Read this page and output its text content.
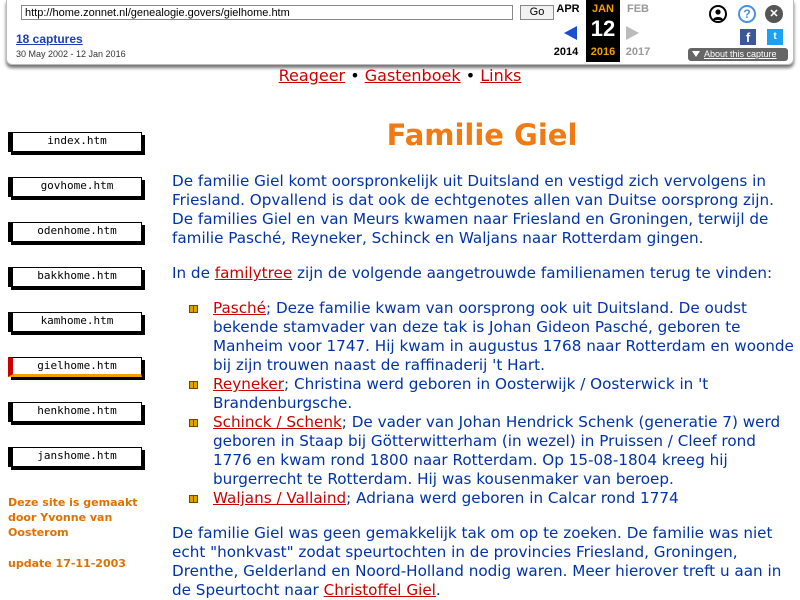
http://home.zonnet.nl/genealogie.govers/gielhome.htm
Go
18 captures
30 May 2002 - 12 Jan 2016
APR	JAN
12
FEB
2014	2016 2017
?	✕
f	t
About this capture
Reageer • Gastenboek • Links
index.htm
govhome.htm
odenhome.htm
bakkhome.htm
kamhome.htm
gielhome.htm
henkhome.htm
janshome.htm
Deze site is gemaakt door Yvonne van Oosterom
update 17-11-2003
Familie Giel

De familie Giel komt oorspronkelijk uit Duitsland en vestigd zich vervolgens in Friesland. Opvallend is dat ook de echtgenotes allen van Duitse oorsprong zijn. De families Giel en van Meurs kwamen naar Friesland en Groningen, terwijl de familie Pasché, Reyneker, Schinck en Waljans naar Rotterdam gingen.

In de familytree zijn de volgende aangetrouwde familienamen terug te vinden:

Pasché; Deze familie kwam van oorsprong ook uit Duitsland. De oudst bekende stamvader van deze tak is Johan Gideon Pasché, geboren te Manheim voor 1747. Hij kwam in augustus 1768 naar Rotterdam en woonde bij zijn trouwen naast de raffinaderij 't Hart.
Reyneker; Christina werd geboren in Oosterwijk / Oosterwick in 't Brandenburgsche.
Schinck / Schenk; De vader van Johan Hendrick Schenk (generatie 7) werd geboren in Staap bij Götterwitterham (in wezel) in Pruissen / Cleef rond 1776 en kwam rond 1800 naar Rotterdam. Op 15-08-1804 kreeg hij burgerrecht te Rotterdam. Hij was kousenmaker van beroep.
Waljans / Vallaind; Adriana werd geboren in Calcar rond 1774

De familie Giel was geen gemakkelijk tak om op te zoeken. De familie was niet echt "honkvast" zodat speurtochten in de provincies Friesland, Groningen, Drenthe, Gelderland en Noord-Holland nodig waren. Meer hierover treft u aan in de Speurtocht naar Christoffel Giel.
